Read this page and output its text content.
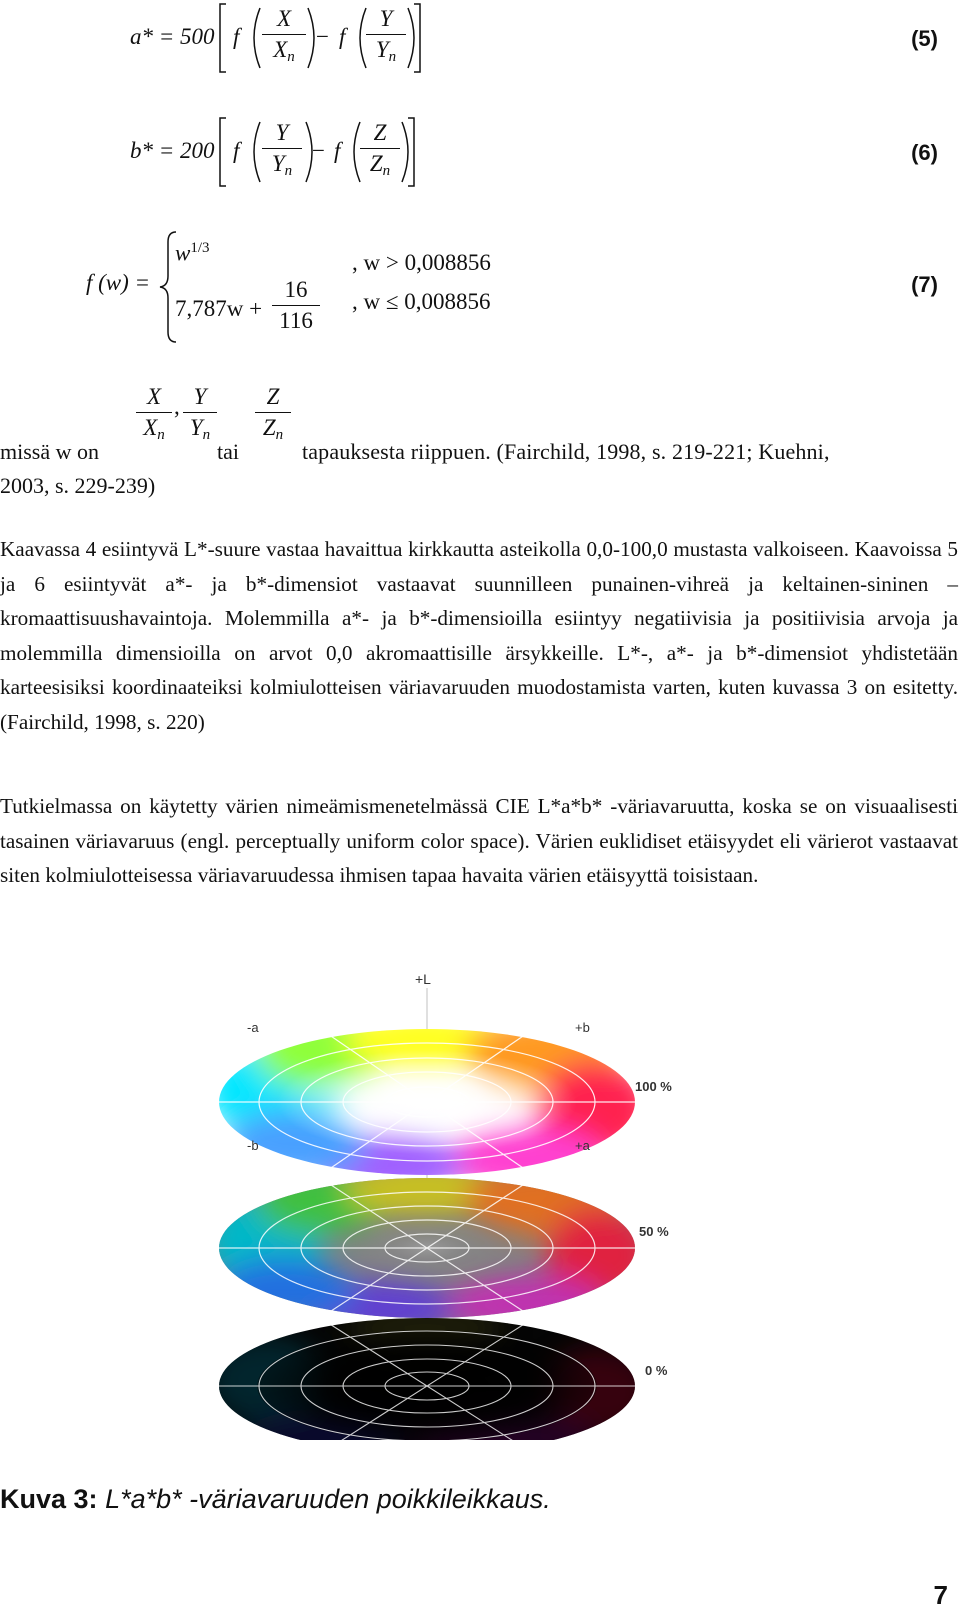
a* = 500 f
X
$X_n$
− f
Y
$Y_n$
(5)
b* = 200 f
Y
$Y_n$
− f
Z
$Z_n$
(6)
f (w) =
$w^{1/3}$
7,787w +
16
116
, w > 0,008856
, w ≤ 0,008856
(7)
missä w on
X
$X_n$
, Y
$Y_n$
tai
Z
$Z_n$
tapauksesta riippuen. (Fairchild, 1998, s. 219-221; Kuehni,
2003, s. 229-239)

Kaavassa 4 esiintyvä L*-suure vastaa havaittua kirkkautta asteikolla 0,0-100,0 mustasta valkoiseen. Kaavoissa 5 ja 6 esiintyvät a*- ja b*-dimensiot vastaavat suunnilleen punainen-vihreä ja keltainen-sininen –kromaattisuushavaintoja. Molemmilla a*- ja b*-dimensioilla esiintyy negatiivisia ja positiivisia arvoja ja molemmilla dimensioilla on arvot 0,0 akromaattisille ärsykkeille. L*-, a*- ja b*-dimensiot yhdistetään karteesisiksi koordinaateiksi kolmiulotteisen väriavaruuden muodostamista varten, kuten kuvassa 3 on esitetty. (Fairchild, 1998, s. 220)

Tutkielmassa on käytetty värien nimeämismenetelmässä CIE L*a*b* -väriavaruutta, koska se on visuaalisesti tasainen väriavaruus (engl. perceptually uniform color space). Värien euklidiset etäisyydet eli värierot vastaavat siten kolmiulotteisessa väriavaruudessa ihmisen tapaa havaita värien etäisyyttä toisistaan.

+L
-a	+b
-b	+a
100 %
50 %
0 %
Kuva 3: L*a*b* -väriavaruuden poikkileikkaus.
7
